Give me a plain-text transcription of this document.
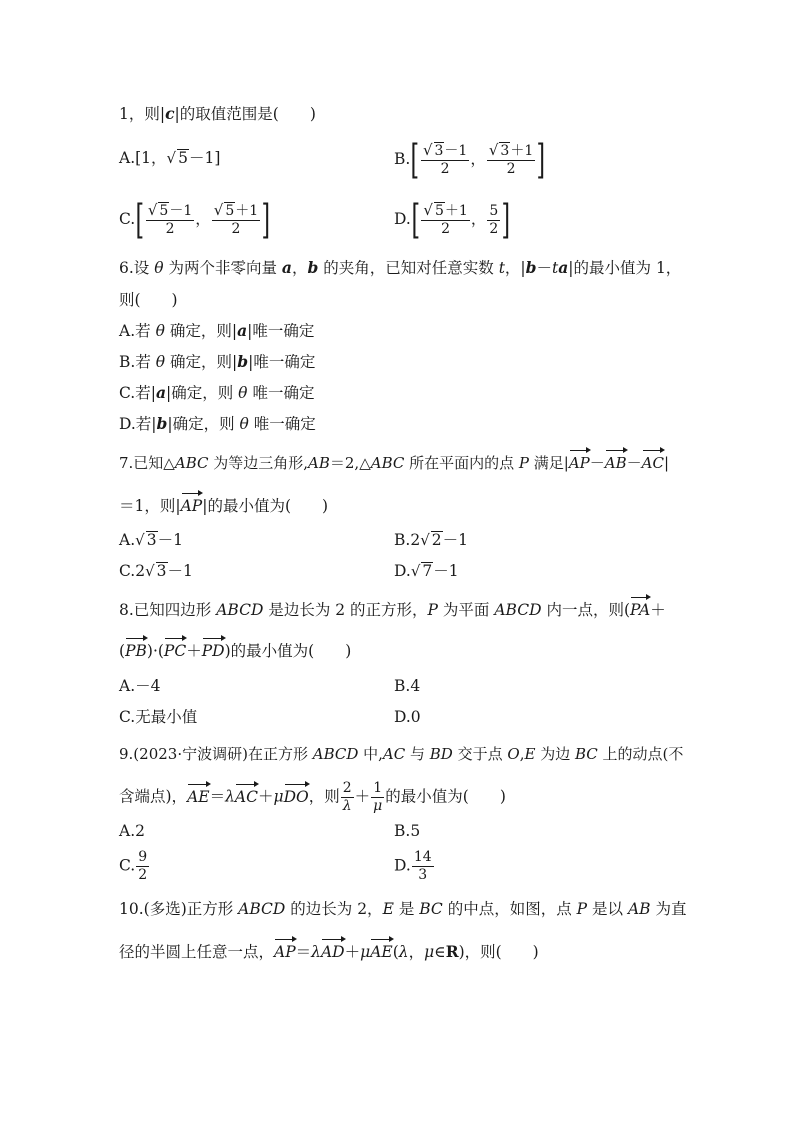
1，则|c|的取值范围是(　　)
A.[1，√ 5－1]	$B.[ \frac{√ 3-1}{2}$ ， $\frac{√ 3+1}{2}$ ]
$C.[ \frac{√ 5-1}{2}$ ， $\frac{√ 5+1}{2}$ ]	$D.[ \frac{√ 5+1}{2}$ ， $\frac{5}{2}$ ]
6.设 θ 为两个非零向量 a，b 的夹角，已知对任意实数 t，|b－ta|的最小值为 1，
则(　　)
A.若 θ 确定，则|a|唯一确定
B.若 θ 确定，则|b|唯一确定
C.若|a|确定，则 θ 唯一确定
D.若|b|确定，则 θ 唯一确定
7.已知△ABC 为等边三角形,AB＝2,△ABC 所在平面内的点 P 满足|AP－AB－AC|
＝1，则|AP|的最小值为(　　)
A.√ 3－1	B.2√ 2－1
C.2√ 3－1	D.√ 7－1
8.已知四边形 ABCD 是边长为 2 的正方形，P 为平面 ABCD 内一点，则(PA＋
(PB)·(PC＋PD)的最小值为(　　)
A.－4	B.4
C.无最小值	D.0
9.(2023·宁波调研)在正方形 ABCD 中,AC 与 BD 交于点 O,E 为边 BC 上的动点(不
含端点)，AE＝λAC＋μDO，则 $\frac{2}{\lambda} + \frac{1}{\mu}$ 的最小值为(　　)
A.2	B.5
C. $\frac{9}{2}$	D. $\frac{14}{3}$
10.(多选)正方形 ABCD 的边长为 2，E 是 BC 的中点，如图，点 P 是以 AB 为直
径的半圆上任意一点，AP＝λAD＋μAE(λ，μ∈R)，则(　　)
